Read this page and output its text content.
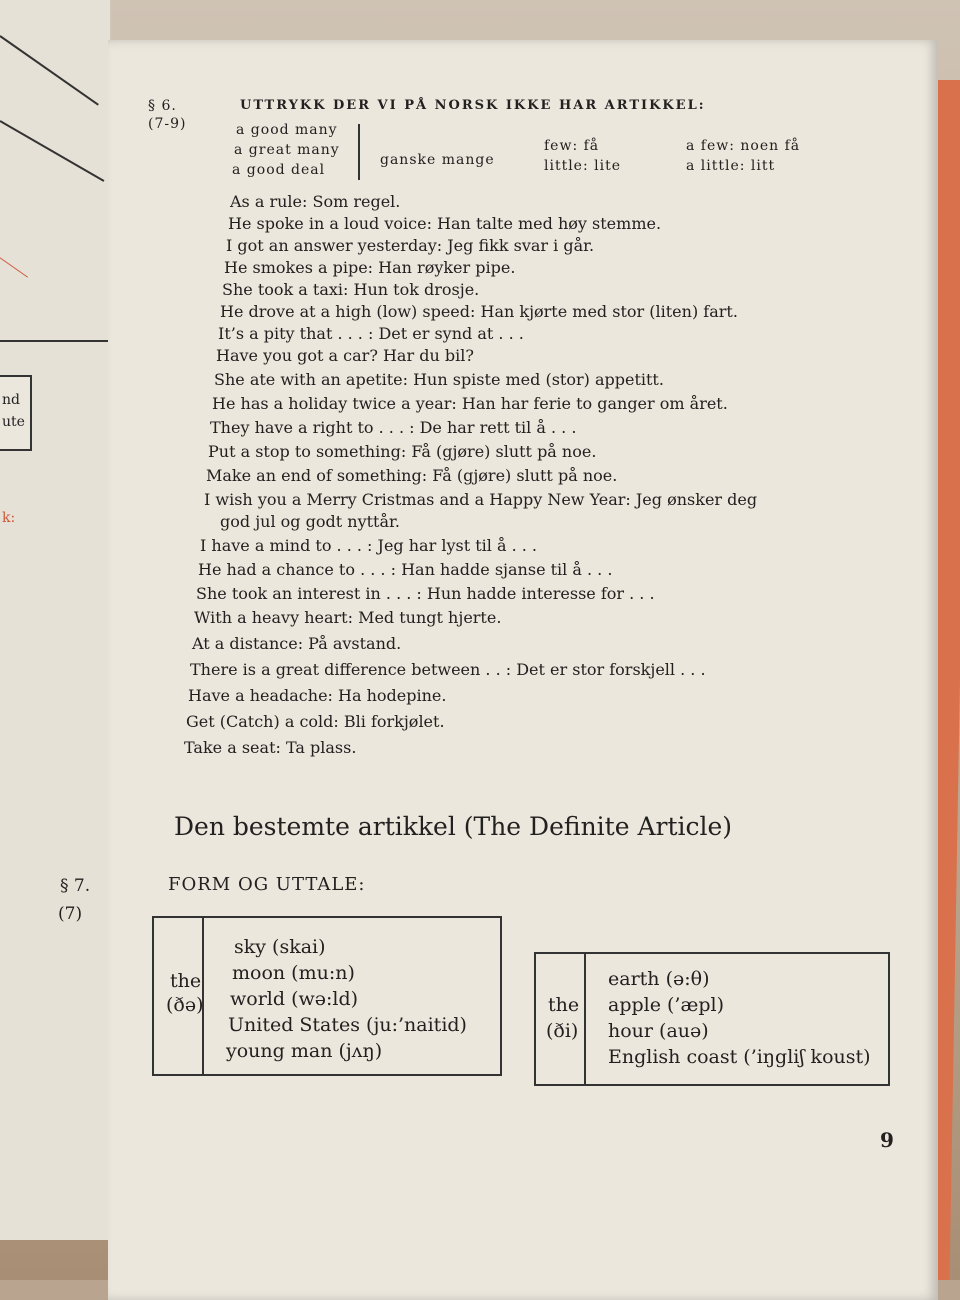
nd
ute
k:
§ 6.	UTTRYKK DER VI PÅ NORSK IKKE HAR ARTIKKEL:
(7-9)	a good many
a great many
a good deal
ganske mange
few: få
little: lite
a few: noen få
a little: litt
As a rule: Som regel.
He spoke in a loud voice: Han talte med høy stemme.
I got an answer yesterday: Jeg fikk svar i går.
He smokes a pipe: Han røyker pipe.
She took a taxi: Hun tok drosje.
He drove at a high (low) speed: Han kjørte med stor (liten) fart.
It’s a pity that . . . : Det er synd at . . .
Have you got a car? Har du bil?
She ate with an apetite: Hun spiste med (stor) appetitt.
He has a holiday twice a year: Han har ferie to ganger om året.
They have a right to . . . : De har rett til å . . .
Put a stop to something: Få (gjøre) slutt på noe.
Make an end of something: Få (gjøre) slutt på noe.
I wish you a Merry Cristmas and a Happy New Year: Jeg ønsker deg
god jul og godt nyttår.
I have a mind to . . . : Jeg har lyst til å . . .
He had a chance to . . . : Han hadde sjanse til å . . .
She took an interest in . . . : Hun hadde interesse for . . .
With a heavy heart: Med tungt hjerte.
At a distance: På avstand.
There is a great difference between . . : Det er stor forskjell . . .
Have a headache: Ha hodepine.
Get (Catch) a cold: Bli forkjølet.
Take a seat: Ta plass.
Den bestemte artikkel (The Definite Article)
§ 7.
(7)
FORM OG UTTALE:
the
(ðə)
sky (skai)
moon (mu:n)
world (wə:ld)
United States (ju:’naitid)
young man (jʌŋ)
the
(ði)
earth (ə:θ)
apple (’æpl)
hour (auə)
English coast (’iŋgliʃ koust)
9
